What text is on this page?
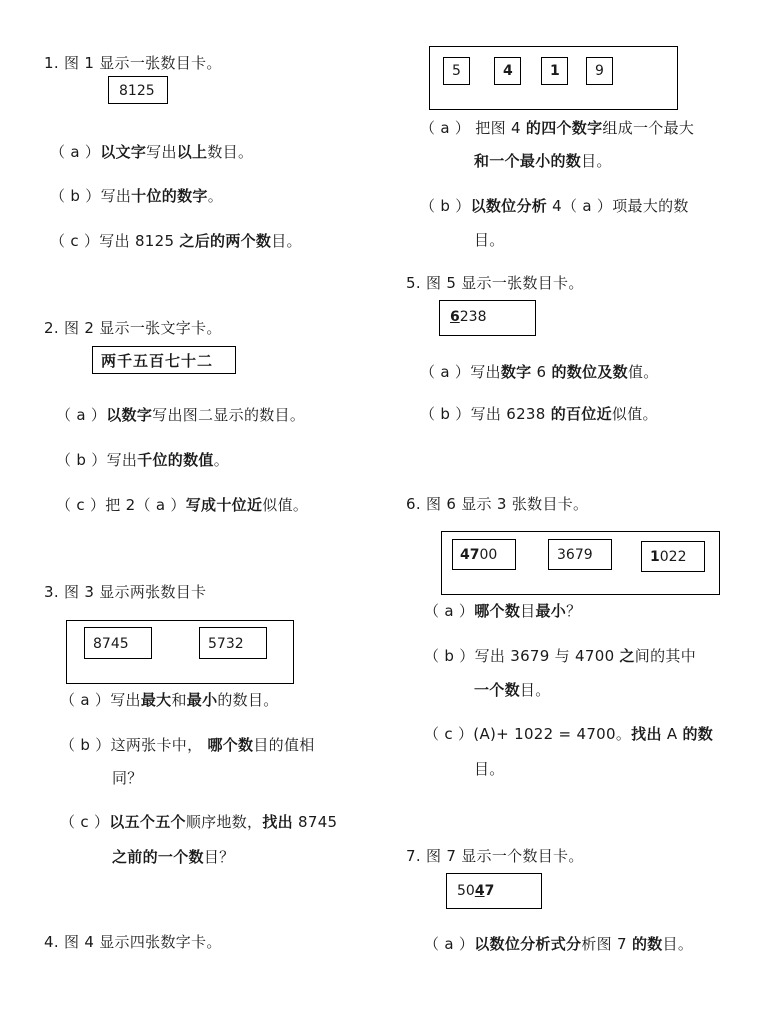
1. 图 1 显示一张数目卡。
8125
（ a ）以文字写出以上数目。
（ b ）写出十位的数字。
（ c ）写出 8125 之后的两个数目。
2. 图 2 显示一张文字卡。
两千五百七十二
（ a ）以数字写出图二显示的数目。
（ b ）写出千位的数值。
（ c ）把 2（ a ）写成十位近似值。
3. 图 3 显示两张数目卡
8745	5732
（ a ）写出最大和最小的数目。
（ b ）这两张卡中， 哪个数目的值相
同？
（ c ）以五个五个顺序地数，找出 8745
之前的一个数目？
4. 图 4 显示四张数字卡。
5	4	1	9
（ a ） 把图 4 的四个数字组成一个最大
和一个最小的数目。
（ b ）以数位分析 4（ a ）项最大的数
目。
5. 图 5 显示一张数目卡。
6238
（ a ）写出数字 6 的数位及数值。
（ b ）写出 6238 的百位近似值。
6. 图 6 显示 3 张数目卡。
4700	3679	1022
（ a ）哪个数目最小？
（ b ）写出 3679 与 4700 之间的其中
一个数目。
（ c ）(A)+ 1022 = 4700。找出 A 的数
目。
7. 图 7 显示一个数目卡。
5047
（ a ）以数位分析式分析图 7 的数目。
